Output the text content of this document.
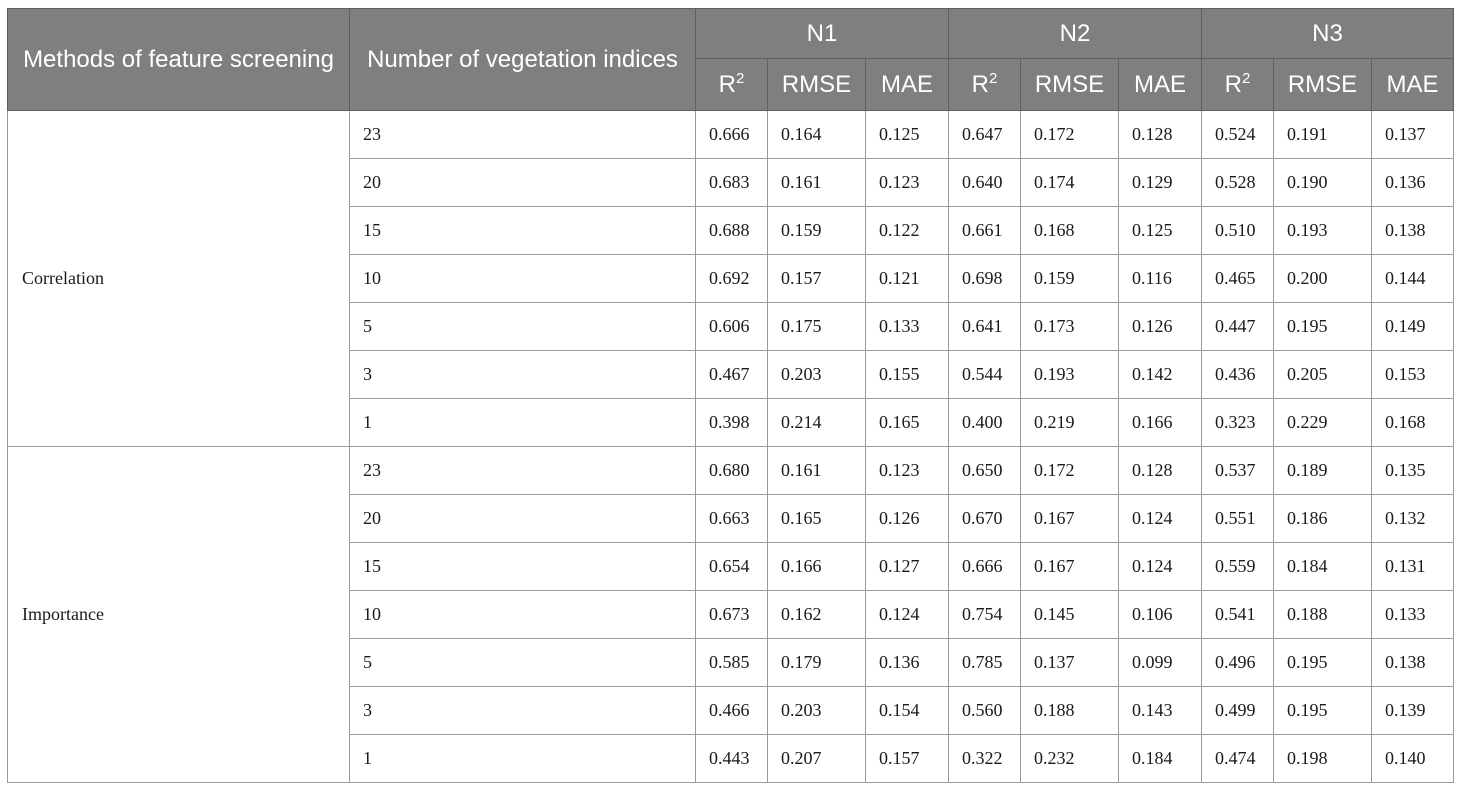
Methods of feature screening	Number of vegetation indices	N1			N2			N3		
		$R^2$	RMSE	MAE	$R^2$	RMSE	MAE	$R^2$	RMSE	MAE
Correlation	23	0.666	0.164	0.125	0.647	0.172	0.128	0.524	0.191	0.137
	20	0.683	0.161	0.123	0.640	0.174	0.129	0.528	0.190	0.136
	15	0.688	0.159	0.122	0.661	0.168	0.125	0.510	0.193	0.138
	10	0.692	0.157	0.121	0.698	0.159	0.116	0.465	0.200	0.144
	5	0.606	0.175	0.133	0.641	0.173	0.126	0.447	0.195	0.149
	3	0.467	0.203	0.155	0.544	0.193	0.142	0.436	0.205	0.153
	1	0.398	0.214	0.165	0.400	0.219	0.166	0.323	0.229	0.168
Importance	23	0.680	0.161	0.123	0.650	0.172	0.128	0.537	0.189	0.135
	20	0.663	0.165	0.126	0.670	0.167	0.124	0.551	0.186	0.132
	15	0.654	0.166	0.127	0.666	0.167	0.124	0.559	0.184	0.131
	10	0.673	0.162	0.124	0.754	0.145	0.106	0.541	0.188	0.133
	5	0.585	0.179	0.136	0.785	0.137	0.099	0.496	0.195	0.138
	3	0.466	0.203	0.154	0.560	0.188	0.143	0.499	0.195	0.139
	1	0.443	0.207	0.157	0.322	0.232	0.184	0.474	0.198	0.140
